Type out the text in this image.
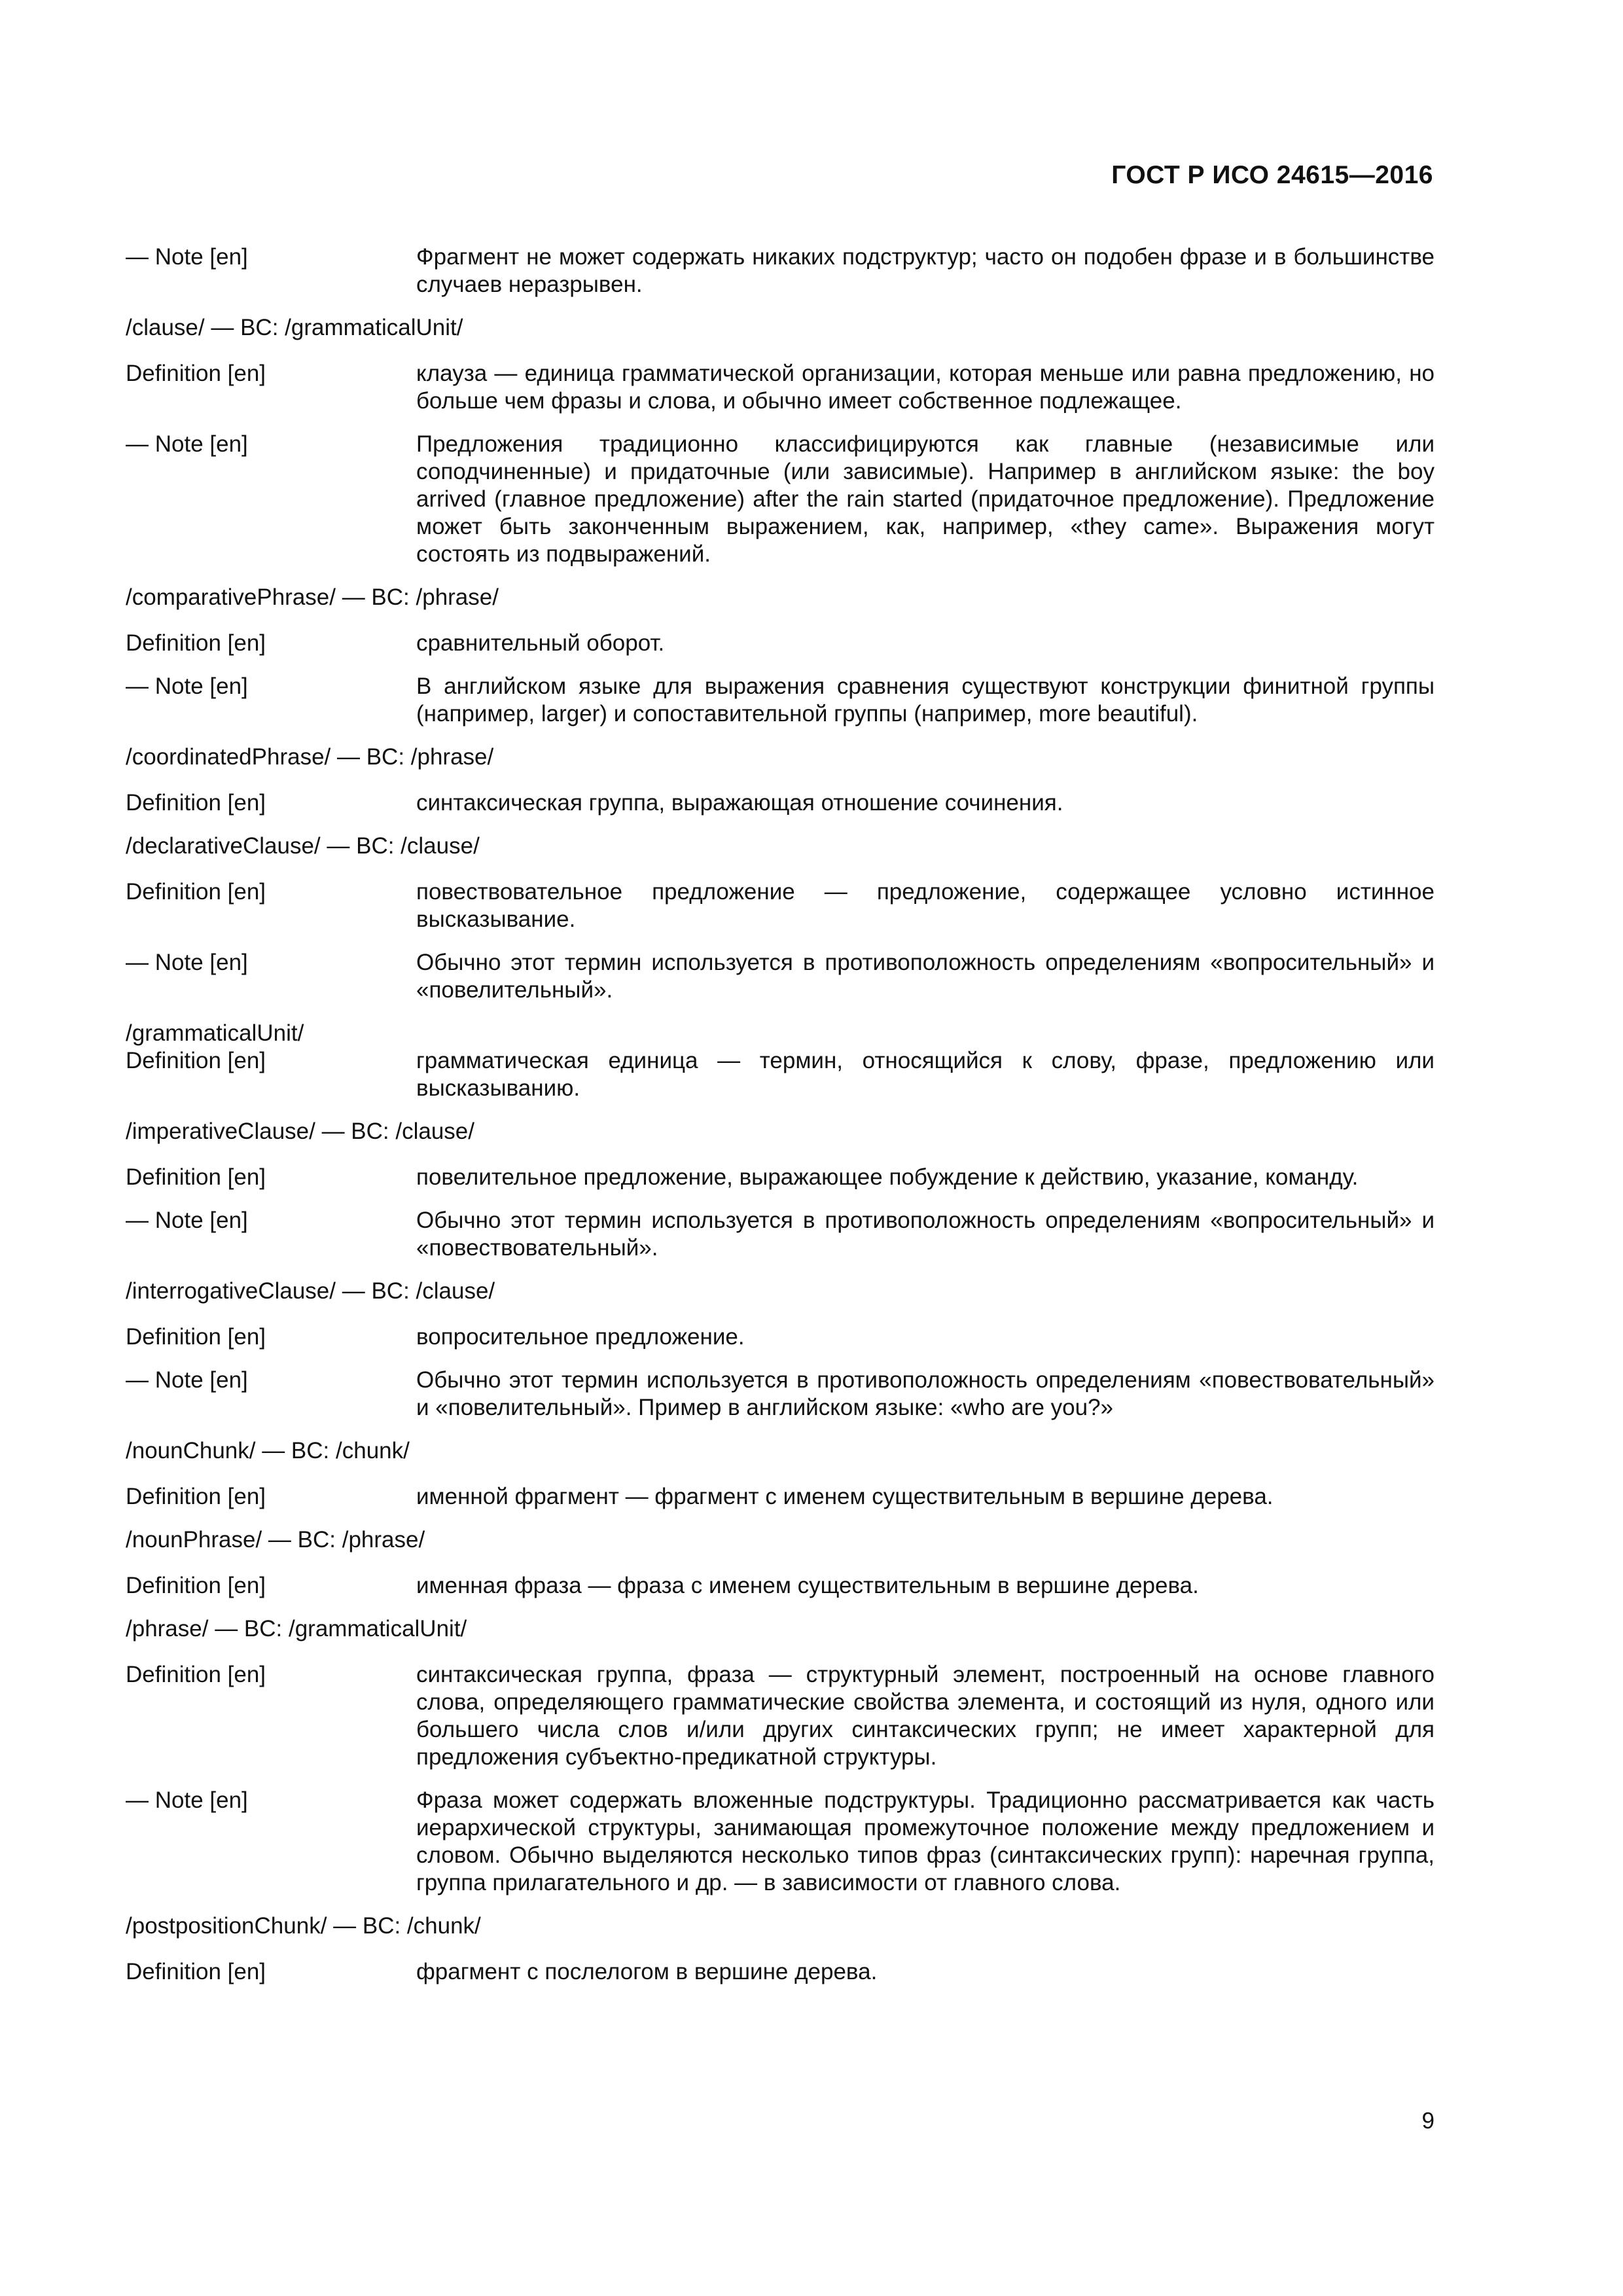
ГОСТ Р ИСО 24615—2016
— Note [en]	Фрагмент не может содержать никаких подструктур; часто он подобен фразе и в большинстве случаев неразрывен.
/clause/ — BC: /grammaticalUnit/
Definition [en]	клауза — единица грамматической организации, которая меньше или равна предложению, но больше чем фразы и слова, и обычно имеет собственное подлежащее.
— Note [en]	Предложения традиционно классифицируются как главные (независимые или соподчиненные) и придаточные (или зависимые). Например в английском языке: the boy arrived (главное предложение) after the rain started (придаточное предложение). Предложение может быть законченным выражением, как, например, «they came». Выражения могут состоять из подвыражений.
/comparativePhrase/ — BC: /phrase/
Definition [en]	сравнительный оборот.
— Note [en]	В английском языке для выражения сравнения существуют конструкции финитной группы (например, larger) и сопоставительной группы (например, more beautiful).
/coordinatedPhrase/ — BC: /phrase/
Definition [en]	синтаксическая группа, выражающая отношение сочинения.
/declarativeClause/ — BC: /clause/
Definition [en]	повествовательное предложение — предложение, содержащее условно истинное высказывание.
— Note [en]	Обычно этот термин используется в противоположность определениям «вопросительный» и «повелительный».
/grammaticalUnit/
Definition [en]	грамматическая единица — термин, относящийся к слову, фразе, предложению или высказыванию.
/imperativeClause/ — BC: /clause/
Definition [en]	повелительное предложение, выражающее побуждение к действию, указание, команду.
— Note [en]	Обычно этот термин используется в противоположность определениям «вопросительный» и «повествовательный».
/interrogativeClause/ — BC: /clause/
Definition [en]	вопросительное предложение.
— Note [en]	Обычно этот термин используется в противоположность определениям «повествовательный» и «повелительный». Пример в английском языке: «who are you?»
/nounChunk/ — BC: /chunk/
Definition [en]	именной фрагмент — фрагмент с именем существительным в вершине дерева.
/nounPhrase/ — BC: /phrase/
Definition [en]	именная фраза — фраза с именем существительным в вершине дерева.
/phrase/ — BC: /grammaticalUnit/
Definition [en]	синтаксическая группа, фраза — структурный элемент, построенный на основе главного слова, определяющего грамматические свойства элемента, и состоящий из нуля, одного или большего числа слов и/или других синтаксических групп; не имеет характерной для предложения субъектно-предикатной структуры.
— Note [en]	Фраза может содержать вложенные подструктуры. Традиционно рассматривается как часть иерархической структуры, занимающая промежуточное положение между предложением и словом. Обычно выделяются несколько типов фраз (синтаксических групп): наречная группа, группа прилагательного и др. — в зависимости от главного слова.
/postpositionChunk/ — BC: /chunk/
Definition [en]	фрагмент с послелогом в вершине дерева.
9
